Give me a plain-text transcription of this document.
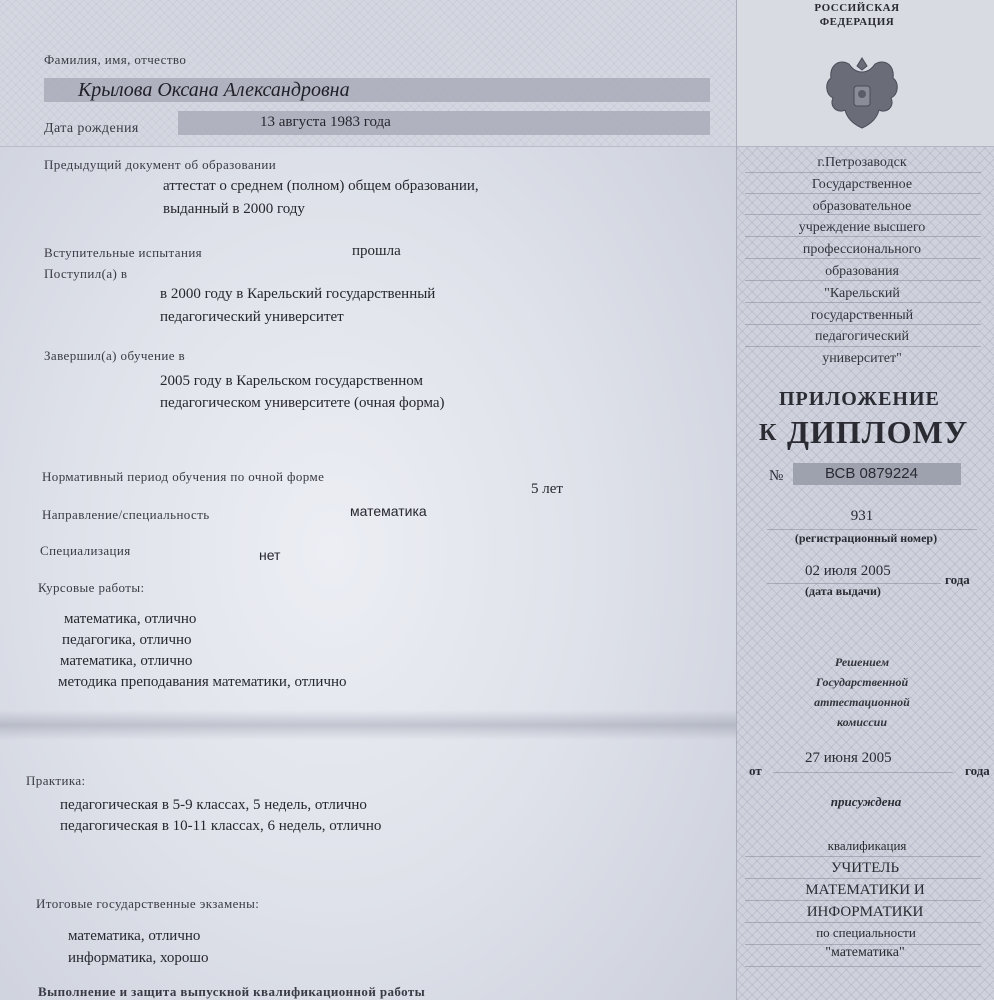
Фамилия, имя, отчество
Крылова Оксана Александровна
Дата рождения	13 августа 1983 года
Предыдущий документ об образовании
аттестат о среднем (полном) общем образовании,
выданный в 2000 году
Вступительные испытания	прошла
Поступил(а) в
в 2000 году в Карельский государственный
педагогический университет
Завершил(а) обучение в
2005 году в Карельском государственном
педагогическом университете (очная форма)
Нормативный период обучения по очной форме
5 лет
Направление/специальность	математика
Специализация	нет
Курсовые работы:
математика, отлично
педагогика, отлично
математика, отлично
методика преподавания математики, отлично
Практика:
педагогическая в 5-9 классах, 5 недель, отлично
педагогическая в 10-11 классах, 6 недель, отлично
Итоговые государственные экзамены:
математика, отлично
информатика, хорошо
Выполнение и защита выпускной квалификационной работы
РОССИЙСКАЯ
ФЕДЕРАЦИЯ
г.Петрозаводск
Государственное
образовательное
учреждение высшего
профессионального
образования
"Карельский
государственный
педагогический
университет"
ПРИЛОЖЕНИЕ
К ДИПЛОМУ
№	ВСВ 0879224
931
(регистрационный номер)
02 июля 2005
года
(дата выдачи)
Решением
Государственной
аттестационной
комиссии
от
27 июня 2005
года
присуждена
квалификация
УЧИТЕЛЬ
МАТЕМАТИКИ И
ИНФОРМАТИКИ
по специальности
"математика"
